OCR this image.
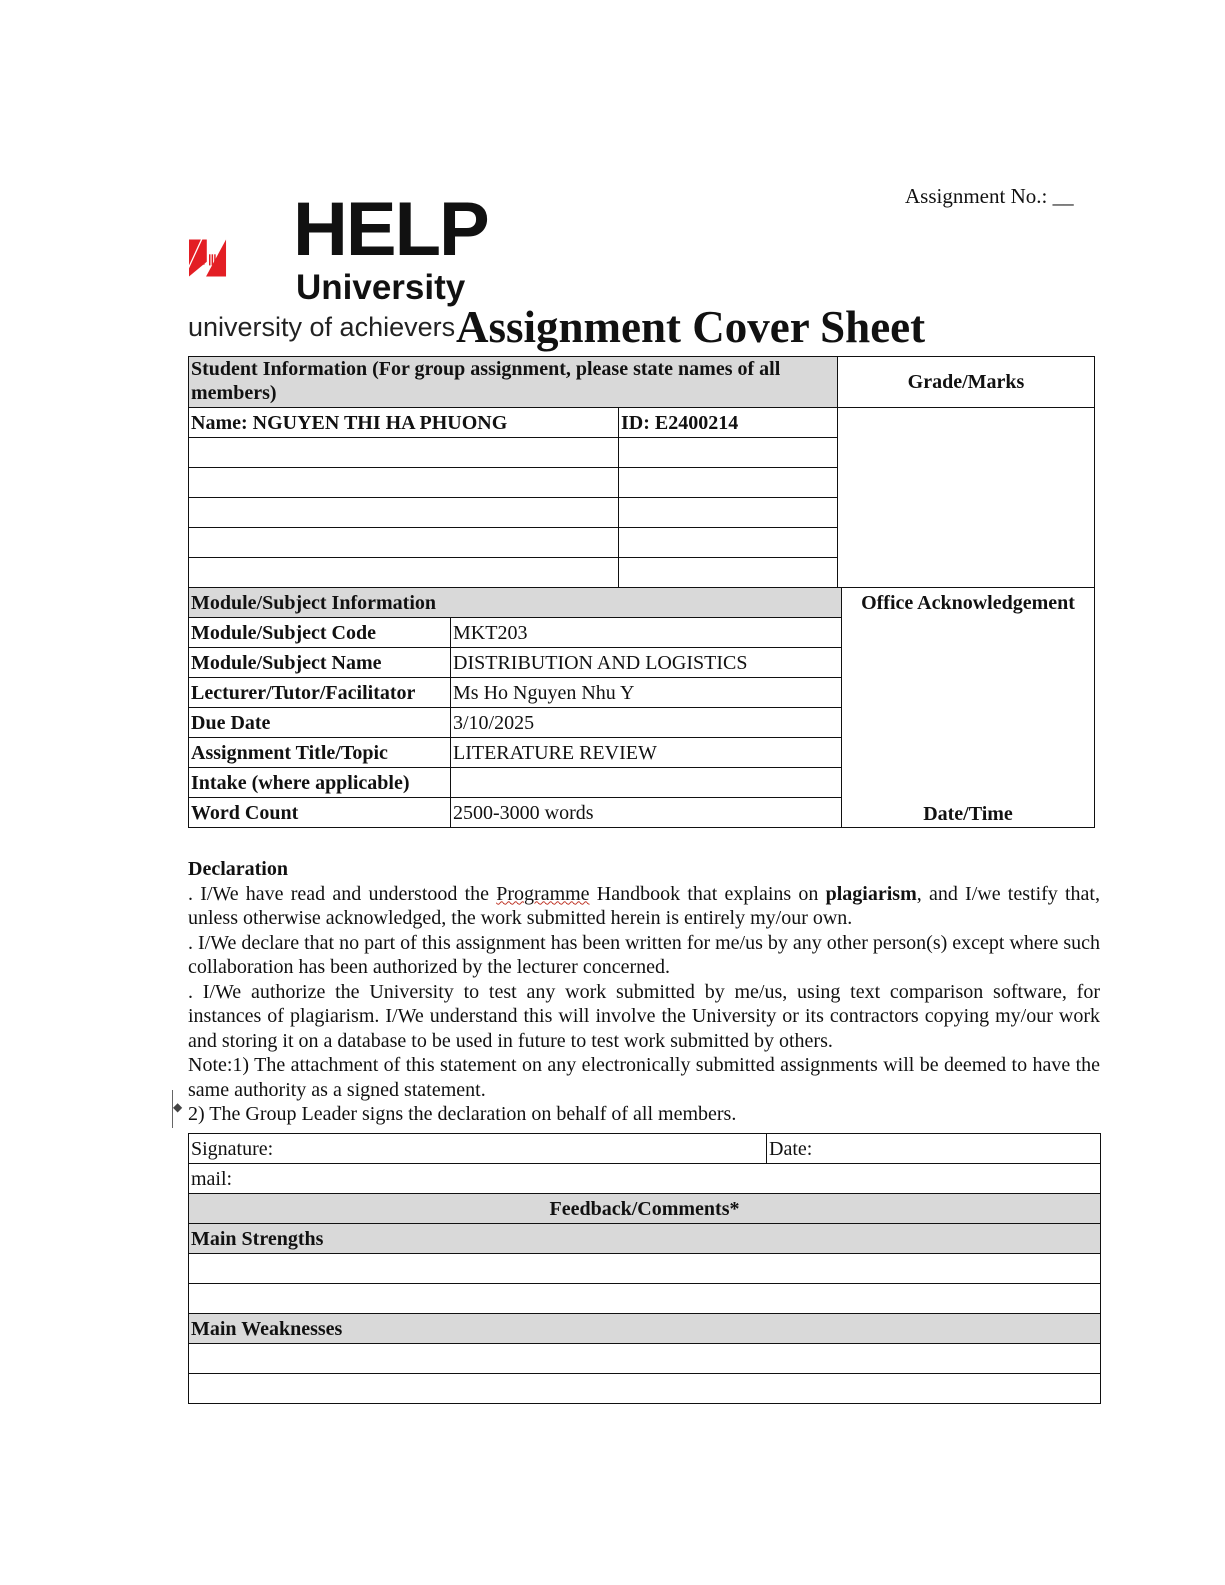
Assignment No.: __
HELP
University
university of achievers Assignment Cover Sheet
Student Information (For group assignment, please state names of all members)			Grade/Marks	
Name: NGUYEN THI HA PHUONG		ID: E2400214		

Module/Subject Information				Office Acknowledgement
Date/Time

Module/Subject Code	MKT203			
Module/Subject Name	DISTRIBUTION AND LOGISTICS			
Lecturer/Tutor/Facilitator	Ms Ho Nguyen Nhu Y			
Due Date	3/10/2025			
Assignment Title/Topic	LITERATURE REVIEW			
Intake (where applicable)				
Word Count	2500-3000 words			

Declaration

. I/We have read and understood the Programme Handbook that explains on plagiarism, and I/we testify that, unless otherwise acknowledged, the work submitted herein is entirely my/our own.

. I/We declare that no part of this assignment has been written for me/us by any other person(s) except where such collaboration has been authorized by the lecturer concerned.

. I/We authorize the University to test any work submitted by me/us, using text comparison software, for instances of plagiarism. I/We understand this will involve the University or its contractors copying my/our work and storing it on a database to be used in future to test work submitted by others.

Note:1) The attachment of this statement on any electronically submitted assignments will be deemed to have the same authority as a signed statement.

2) The Group Leader signs the declaration on behalf of all members.

◆
Signature:	Date:
mail:
Feedback/Comments*
Main Strengths

Main Weaknesses
